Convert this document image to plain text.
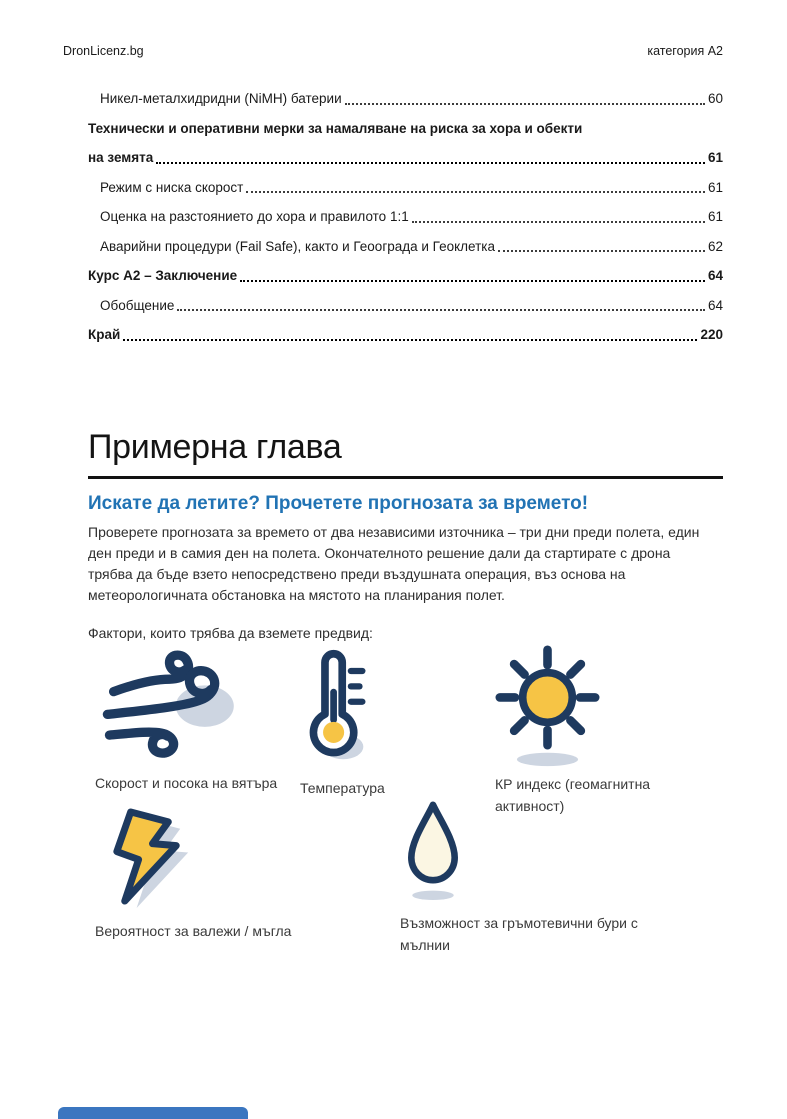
DronLicenz.bg	категория A2
Никел-металхидридни (NiMH) батерии	60
Технически и оперативни мерки за намаляване на риска за хора и обекти
на земята	61
Режим с ниска скорост	61
Оценка на разстоянието до хора и правилото 1:1	61
Аварийни процедури (Fail Safe), както и Геоограда и Геоклетка	62
Курс А2 – Заключение	64
Обобщение	64
Край	220
Примерна глава
Искате да летите? Прочетете прогнозата за времето!

Проверете прогнозата за времето от два независими източника – три дни преди полета, един ден преди и в самия ден на полета. Окончателното решение дали да стартирате с дрона трябва да бъде взето непосредствено преди въздушната операция, въз основа на метеорологичната обстановка на мястото на планирания полет.

Фактори, които трябва да вземете предвид:

Скорост и посока на вятъра	Температура	КР индекс (геомагнитна активност)
Вероятност за валежи / мъгла	Възможност за гръмотевични бури с мълнии
